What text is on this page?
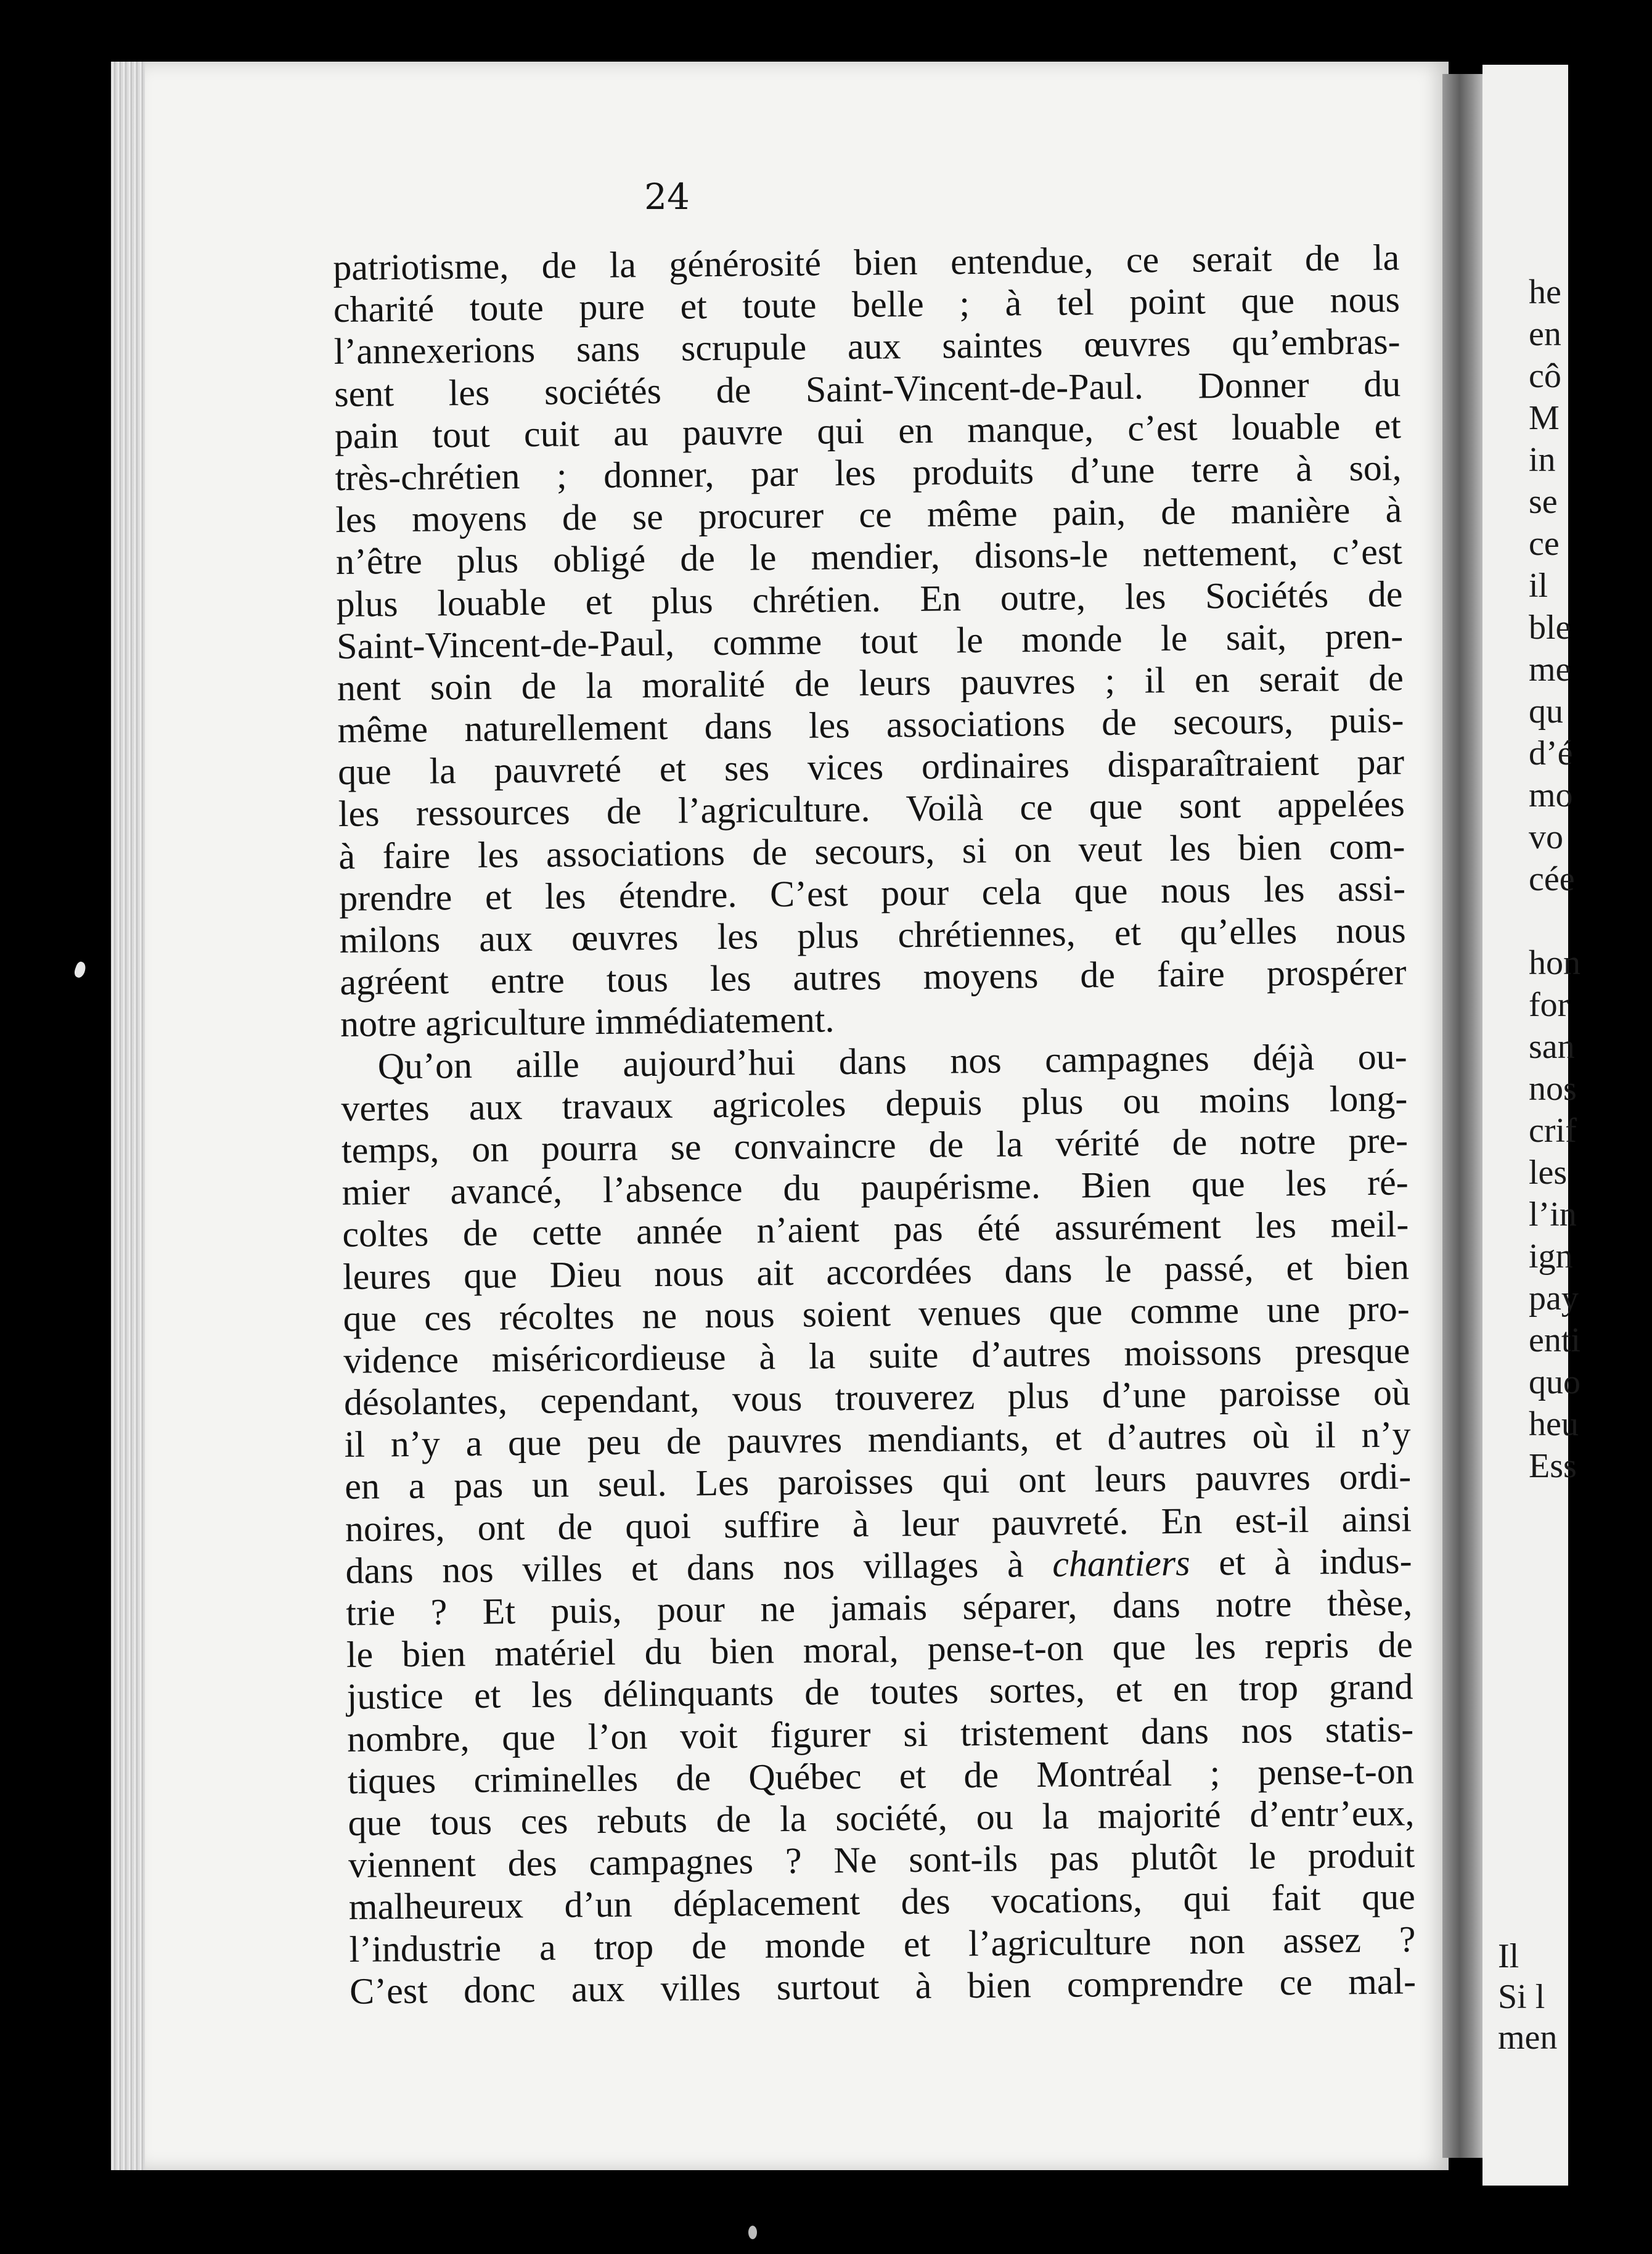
24
patriotisme, de la générosité bien entendue, ce serait de la
charité toute pure et toute belle ; à tel point que nous
l’annexerions sans scrupule aux saintes œuvres qu’embras-
sent les sociétés de Saint-Vincent-de-Paul. Donner du
pain tout cuit au pauvre qui en manque, c’est louable et
très-chrétien ; donner, par les produits d’une terre à soi,
les moyens de se procurer ce même pain, de manière à
n’être plus obligé de le mendier, disons-le nettement, c’est
plus louable et plus chrétien. En outre, les Sociétés de
Saint-Vincent-de-Paul, comme tout le monde le sait, pren-
nent soin de la moralité de leurs pauvres ; il en serait de
même naturellement dans les associations de secours, puis-
que la pauvreté et ses vices ordinaires disparaîtraient par
les ressources de l’agriculture. Voilà ce que sont appelées
à faire les associations de secours, si on veut les bien com-
prendre et les étendre. C’est pour cela que nous les assi-
milons aux œuvres les plus chrétiennes, et qu’elles nous
agréent entre tous les autres moyens de faire prospérer
notre agriculture immédiatement.
Qu’on aille aujourd’hui dans nos campagnes déjà ou-
vertes aux travaux agricoles depuis plus ou moins long-
temps, on pourra se convaincre de la vérité de notre pre-
mier avancé, l’absence du paupérisme. Bien que les ré-
coltes de cette année n’aient pas été assurément les meil-
leures que Dieu nous ait accordées dans le passé, et bien
que ces récoltes ne nous soient venues que comme une pro-
vidence miséricordieuse à la suite d’autres moissons presque
désolantes, cependant, vous trouverez plus d’une paroisse où
il n’y a que peu de pauvres mendiants, et d’autres où il n’y
en a pas un seul. Les paroisses qui ont leurs pauvres ordi-
noires, ont de quoi suffire à leur pauvreté. En est-il ainsi
dans nos villes et dans nos villages à chantiers et à indus-
trie ? Et puis, pour ne jamais séparer, dans notre thèse,
le bien matériel du bien moral, pense-t-on que les repris de
justice et les délinquants de toutes sortes, et en trop grand
nombre, que l’on voit figurer si tristement dans nos statis-
tiques criminelles de Québec et de Montréal ; pense-t-on
que tous ces rebuts de la société, ou la majorité d’entr’eux,
viennent des campagnes ? Ne sont-ils pas plutôt le produit
malheureux d’un déplacement des vocations, qui fait que
l’industrie a trop de monde et l’agriculture non assez ?
C’est donc aux villes surtout à bien comprendre ce mal-
he
en
cô
M
in
se
ce
il
ble
me
qu
d’é
mo
vo
cée
hon
for
san
nos
crif
les
l’in
ign
pay
enti
quo
heu
Ess
Il
Si l
men
